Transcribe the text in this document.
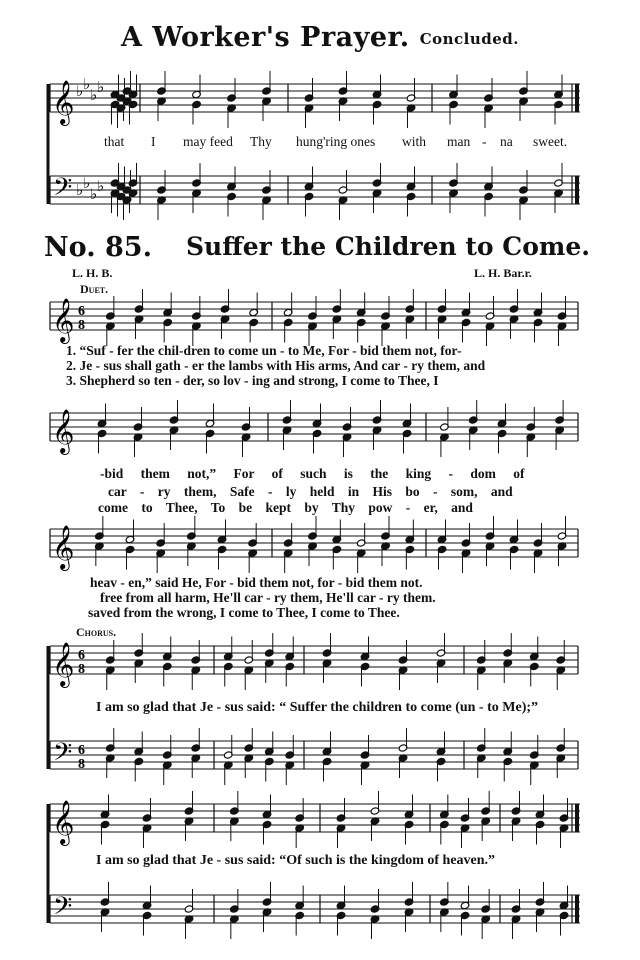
A Worker's Prayer. Concluded.
that I may feed Thy hung'ring ones with man - na sweet.
No. 85. Suffer the Children to Come.
L. H. B.	L. H. Bar.r.
Duet.
1. “Suf - fer the chil-dren to come un - to Me, For - bid them not, for-
2. Je - sus shall gath - er the lambs with His arms, And car - ry them, and
3. Shepherd so ten - der, so lov - ing and strong, I come to Thee, I
-bid them not,” For of such is the king - dom of
car - ry them, Safe - ly held in His bo - som, and
come to Thee, To be kept by Thy pow - er, and
heav - en,” said He, For - bid them not, for - bid them not.
free from all harm, He'll car - ry them, He'll car - ry them.
saved from the wrong, I come to Thee, I come to Thee.
Chorus.
I am so glad that Je - sus said: “ Suffer the children to come (un - to Me);”
I am so glad that Je - sus said: “Of such is the kingdom of heaven.”
𝄞 ♭ ♭
♭ ♭
𝄢 ♭ ♭
♭ ♭
𝄞 6
8
𝄞
𝄞
𝄞 6
8
𝄢 6
8
𝄞
𝄢
